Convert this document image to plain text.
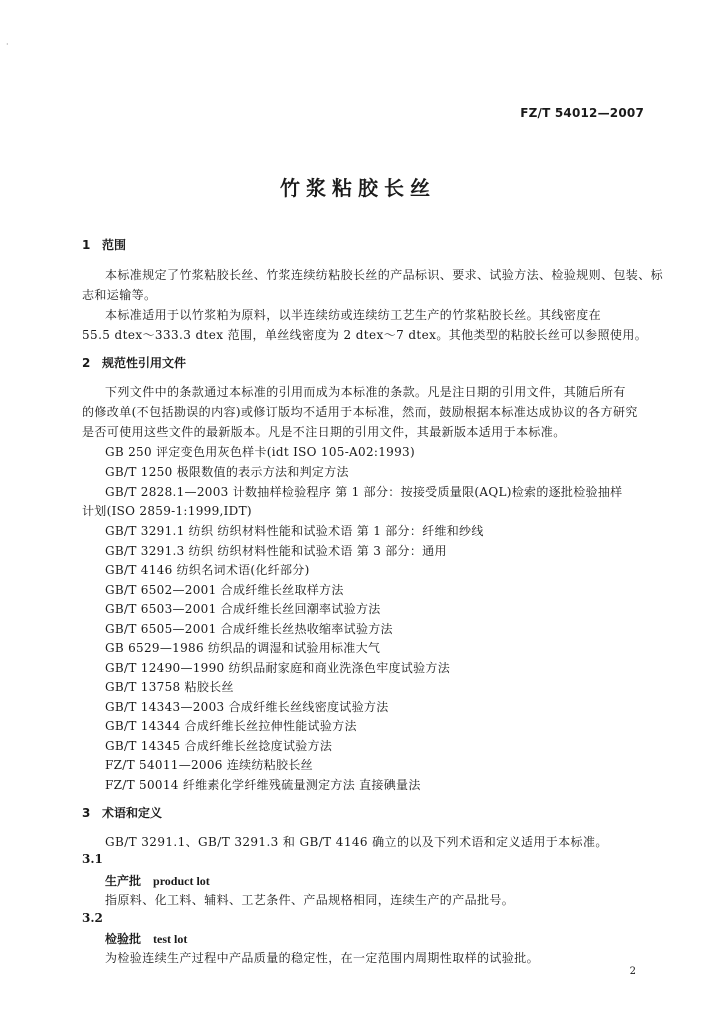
·
FZ/T 54012—2007
竹浆粘胶长丝
1 范围
本标准规定了竹浆粘胶长丝、竹浆连续纺粘胶长丝的产品标识、要求、试验方法、检验规则、包装、标
志和运输等。
本标准适用于以竹浆粕为原料，以半连续纺或连续纺工艺生产的竹浆粘胶长丝。其线密度在
55.5 dtex～333.3 dtex 范围，单丝线密度为 2 dtex～7 dtex。其他类型的粘胶长丝可以参照使用。
2 规范性引用文件
下列文件中的条款通过本标准的引用而成为本标准的条款。凡是注日期的引用文件，其随后所有
的修改单(不包括勘误的内容)或修订版均不适用于本标准，然而，鼓励根据本标准达成协议的各方研究
是否可使用这些文件的最新版本。凡是不注日期的引用文件，其最新版本适用于本标准。
GB 250 评定变色用灰色样卡(idt ISO 105-A02:1993)
GB/T 1250 极限数值的表示方法和判定方法
GB/T 2828.1—2003 计数抽样检验程序 第 1 部分：按接受质量限(AQL)检索的逐批检验抽样
计划(ISO 2859-1:1999,IDT)
GB/T 3291.1 纺织 纺织材料性能和试验术语 第 1 部分：纤维和纱线
GB/T 3291.3 纺织 纺织材料性能和试验术语 第 3 部分：通用
GB/T 4146 纺织名词术语(化纤部分)
GB/T 6502—2001 合成纤维长丝取样方法
GB/T 6503—2001 合成纤维长丝回潮率试验方法
GB/T 6505—2001 合成纤维长丝热收缩率试验方法
GB 6529—1986 纺织品的调湿和试验用标准大气
GB/T 12490—1990 纺织品耐家庭和商业洗涤色牢度试验方法
GB/T 13758 粘胶长丝
GB/T 14343—2003 合成纤维长丝线密度试验方法
GB/T 14344 合成纤维长丝拉伸性能试验方法
GB/T 14345 合成纤维长丝捻度试验方法
FZ/T 54011—2006 连续纺粘胶长丝
FZ/T 50014 纤维素化学纤维残硫量测定方法 直接碘量法
3 术语和定义
GB/T 3291.1、GB/T 3291.3 和 GB/T 4146 确立的以及下列术语和定义适用于本标准。
3.1
生产批 product lot
指原料、化工料、辅料、工艺条件、产品规格相同，连续生产的产品批号。
3.2
检验批 test lot
为检验连续生产过程中产品质量的稳定性，在一定范围内周期性取样的试验批。
2
